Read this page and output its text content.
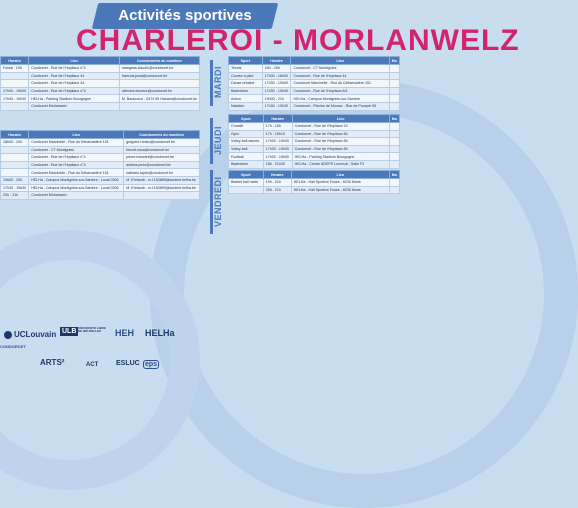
Activités sportives
CHARLEROI - MORLANWELZ
Horaire	Lieu	Coordonnées du moniteur
Futsal : 19h	Condorcet - Rue de l'Hopitaux n°4	mangeas.claudio@condorcet.be
	Condorcet - Rue de l'Hopitaux 44	francois.jesal@condorcet.be
	Condorcet - Rue de l'Hopitaux 44	
17h00 - 19h00	Condorcet - Rue de l'Hopitaux n°4	clément.dumeur@condorcet.be
17h30 - 19h30	HELHa - Parking Stadium Bourgogne	M. Baraconol - 0474 95 Hainaut@condorcet.be
	Condorcet Morlanwelz	
Horaire	Lieu	Coordonnées du moniteur
18h00 - 20h	Condorcet Marcinelle - Rue du Débarcadère 151	gregoire.romeo@condorcet.be
	Condorcet - CT Montignies	benoit.nosa@condorcet.be
	Condorcet - Rue de l'Hopitaux n°4	pierre.meurant@condorcet.be
	Condorcet - Rue de l'Hopitaux n°4	andrea.pezo@condorcet.be
	Condorcet Marcinelle - Rue du Débarcadère 151	nathans.taylor@condorcet.be
19h00 - 20h	HELHa - Campus Montignies-sur-Sambre - Local 0306	M. Ehrlandt - m.f.163889@student.helha.be
17h30 - 19h30	HELHa - Campus Montignies-sur-Sambre - Local 0306	M. Ehrlandt - m.f.163890@student.helha.be
20h - 21h	Condorcet Morlanwelz	
MARDI
JEUDI
VENDREDI
Sport	Horaire	Lieu	Mo
Tennis	18h - 20h	Condorcet - CT Montignies	
Course à pied	17h00 - 18h00	Condorcet - Rue de l'Hopitaux 44	
Danse urbaine	17h30 - 19h00	Condorcet Marcinelle - Rue du Débarcadère 151	
Badminton	17h30 - 19h30	Condorcet - Rue de l'Hopitaux 8/4	
Aviron	19h00 - 21h	HELHa - Campus Montignies-sur-Sambre	
Natation	17h30 - 19h30	Condorcet - Piscine de Mouscr - Rue de Pourpre 56	
Sport	Horaire	Lieu	Mo
Crossfit	17h - 18h	Condorcet - Rue de l'Hopitaux 24	
Gym	17h - 19h15	Condorcet - Rue de l'Hopitaux 84	
Volley-ball dames	17h30 - 19h30	Condorcet - Rue de l'Hopitaux 84	
Volley-ball	17h30 - 19h30	Condorcet - Rue de l'Hopitaux 84	
Football	17h30 - 19h30	HELHa - Parking Stadium Bourgogne	
Badminton	18h - 21h30	HELHa - Centre ADEPS Loverval - Salle F3	
Sport	Horaire	Lieu	Mo
Basket ball mixte	19h - 21h	HELHa - Hall Sportive Fosse - 8230 Mons	
	20h - 21h	HELHa - Hall Sportive Fosse - 8230 Mons	
UCLouvain ULB UNIVERSITÉ LIBRE DE BRUXELLES	HEH HELHa
CONDORCET
ARTS²	ACT	ESLUC eps
